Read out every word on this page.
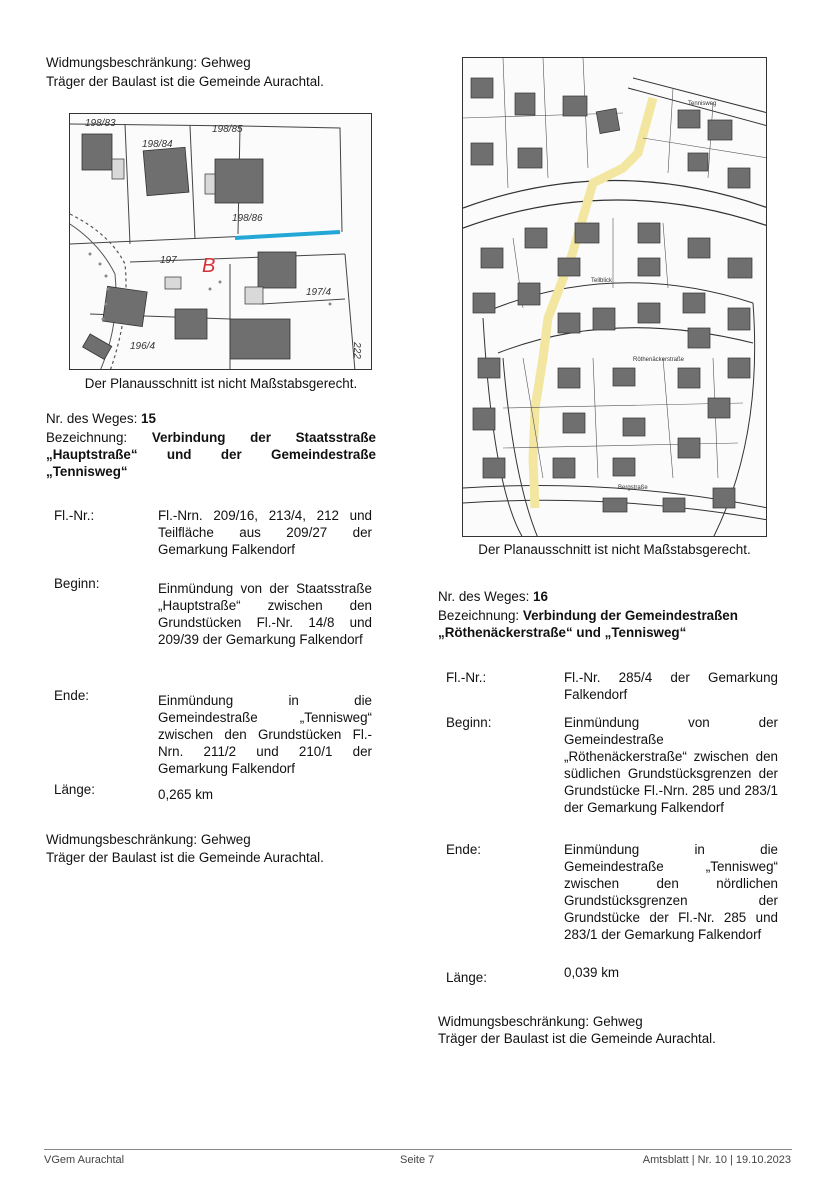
Widmungsbeschränkung: Gehweg
Träger der Baulast ist die Gemeinde Aurachtal.
B
198/83
198/84
198/85
198/86
197
197/4
196/4	222
Der Planausschnitt ist nicht Maßstabsgerecht.
Nr. des Weges: 15
Bezeichnung: Verbindung der Staatsstraße „Hauptstraße“ und der Gemeindestraße „Tennisweg“
Fl.-Nr.:	Fl.-Nrn. 209/16, 213/4, 212 und Teilfläche aus 209/27 der Gemarkung Falkendorf
Beginn:	Einmündung von der Staatsstraße „Hauptstraße“ zwischen den Grundstücken Fl.-Nr. 14/8 und 209/39 der Gemarkung Falkendorf
Ende:	Einmündung in die Gemeindestraße „Tennisweg“ zwischen den Grundstücken Fl.-Nrn. 211/2 und 210/1 der Gemarkung Falkendorf
Länge:	0,265 km
Widmungsbeschränkung: Gehweg
Träger der Baulast ist die Gemeinde Aurachtal.
Tennisweg
Tellblick
Röthenäckerstraße
Bergstraße
Der Planausschnitt ist nicht Maßstabsgerecht.
Nr. des Weges: 16
Bezeichnung: Verbindung der Gemeindestraßen „Röthenäckerstraße“ und „Tennisweg“
Fl.-Nr.:	Fl.-Nr. 285/4 der Gemarkung Falkendorf
Beginn:	Einmündung von der Gemeindestraße „Röthenäckerstraße“ zwischen den südlichen Grundstücksgrenzen der Grundstücke Fl.-Nrn. 285 und 283/1 der Gemarkung Falkendorf
Ende:	Einmündung in die Gemeindestraße „Tennisweg“ zwischen den nördlichen Grundstücksgrenzen der Grundstücke der Fl.-Nr. 285 und 283/1 der Gemarkung Falkendorf
Länge:	0,039 km
Widmungsbeschränkung: Gehweg
Träger der Baulast ist die Gemeinde Aurachtal.
VGem Aurachtal	Seite 7	Amtsblatt | Nr. 10 | 19.10.2023
